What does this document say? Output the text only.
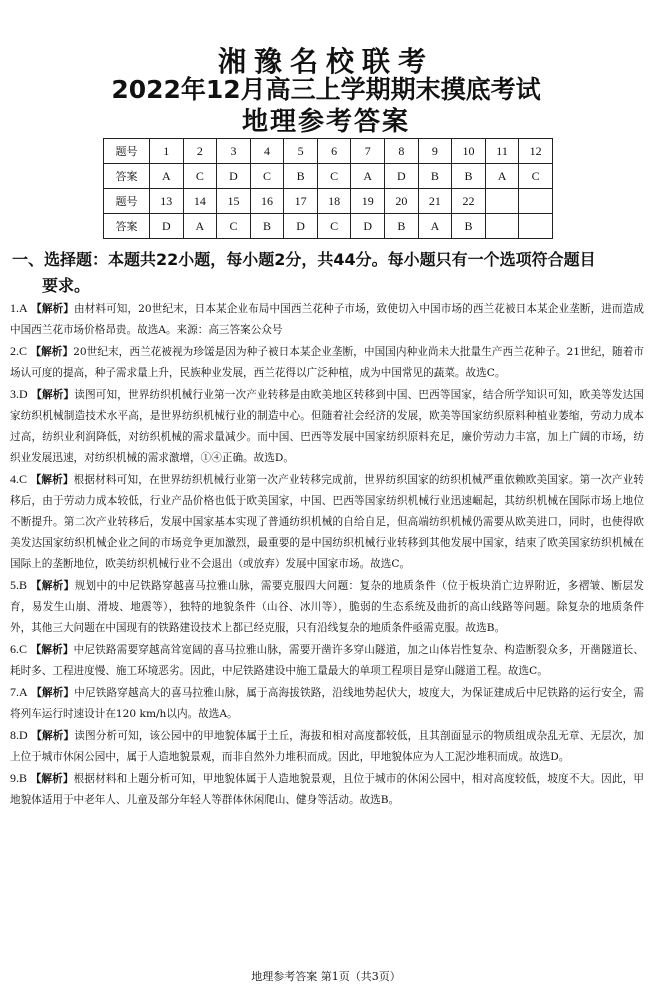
湘豫名校联考
2022年12月高三上学期期末摸底考试
地理参考答案
题号	1	2	3	4	5	6	7	8	9	10	11	12
答案	A	C	D	C	B	C	A	D	B	B	A	C
题号	13	14	15	16	17	18	19	20	21	22		
答案	D	A	C	B	D	C	D	B	A	B		
一、选择题：本题共22小题，每小题2分，共44分。每小题只有一个选项符合题目
要求。
1.A 【解析】由材料可知，20世纪末，日本某企业布局中国西兰花种子市场，致使切入中国市场的西兰花被日本某企业垄断，进而造成中国西兰花市场价格昂贵。故选A。来源：高三答案公众号
2.C 【解析】20世纪末，西兰花被视为珍馐是因为种子被日本某企业垄断，中国国内种业尚未大批量生产西兰花种子。21世纪，随着市场认可度的提高，种子需求量上升，民族种业发展，西兰花得以广泛种植，成为中国常见的蔬菜。故选C。
3.D 【解析】读图可知，世界纺织机械行业第一次产业转移是由欧美地区转移到中国、巴西等国家，结合所学知识可知，欧美等发达国家纺织机械制造技术水平高，是世界纺织机械行业的制造中心。但随着社会经济的发展，欧美等国家纺织原料种植业萎缩，劳动力成本过高，纺织业利润降低，对纺织机械的需求量减少。而中国、巴西等发展中国家纺织原料充足，廉价劳动力丰富，加上广阔的市场，纺织业发展迅速，对纺织机械的需求激增，①④正确。故选D。
4.C 【解析】根据材料可知，在世界纺织机械行业第一次产业转移完成前，世界纺织国家的纺织机械严重依赖欧美国家。第一次产业转移后，由于劳动力成本较低，行业产品价格也低于欧美国家，中国、巴西等国家纺织机械行业迅速崛起，其纺织机械在国际市场上地位不断提升。第二次产业转移后，发展中国家基本实现了普通纺织机械的自给自足，但高端纺织机械仍需要从欧美进口，同时，也使得欧美发达国家纺织机械企业之间的市场竞争更加激烈，最重要的是中国纺织机械行业转移到其他发展中国家，结束了欧美国家纺织机械在国际上的垄断地位，欧美纺织机械行业不会退出（或放弃）发展中国家市场。故选C。
5.B 【解析】规划中的中尼铁路穿越喜马拉雅山脉，需要克服四大问题：复杂的地质条件（位于板块消亡边界附近，多褶皱、断层发育，易发生山崩、滑坡、地震等），独特的地貌条件（山谷、冰川等），脆弱的生态系统及曲折的高山线路等问题。除复杂的地质条件外，其他三大问题在中国现有的铁路建设技术上都已经克服，只有沿线复杂的地质条件亟需克服。故选B。
6.C 【解析】中尼铁路需要穿越高耸宽阔的喜马拉雅山脉，需要开凿许多穿山隧道，加之山体岩性复杂、构造断裂众多，开凿隧道长、耗时多、工程进度慢、施工环境恶劣。因此，中尼铁路建设中施工量最大的单项工程项目是穿山隧道工程。故选C。
7.A 【解析】中尼铁路穿越高大的喜马拉雅山脉，属于高海拔铁路，沿线地势起伏大，坡度大，为保证建成后中尼铁路的运行安全，需将列车运行时速设计在120 km/h以内。故选A。
8.D 【解析】读图分析可知，该公园中的甲地貌体属于土丘，海拔和相对高度都较低，且其剖面显示的物质组成杂乱无章、无层次，加上位于城市休闲公园中，属于人造地貌景观，而非自然外力堆积而成。因此，甲地貌体应为人工泥沙堆积而成。故选D。
9.B 【解析】根据材料和上题分析可知，甲地貌体属于人造地貌景观，且位于城市的休闲公园中，相对高度较低，坡度不大。因此，甲地貌体适用于中老年人、儿童及部分年轻人等群体休闲爬山、健身等活动。故选B。
地理参考答案 第1页（共3页）
